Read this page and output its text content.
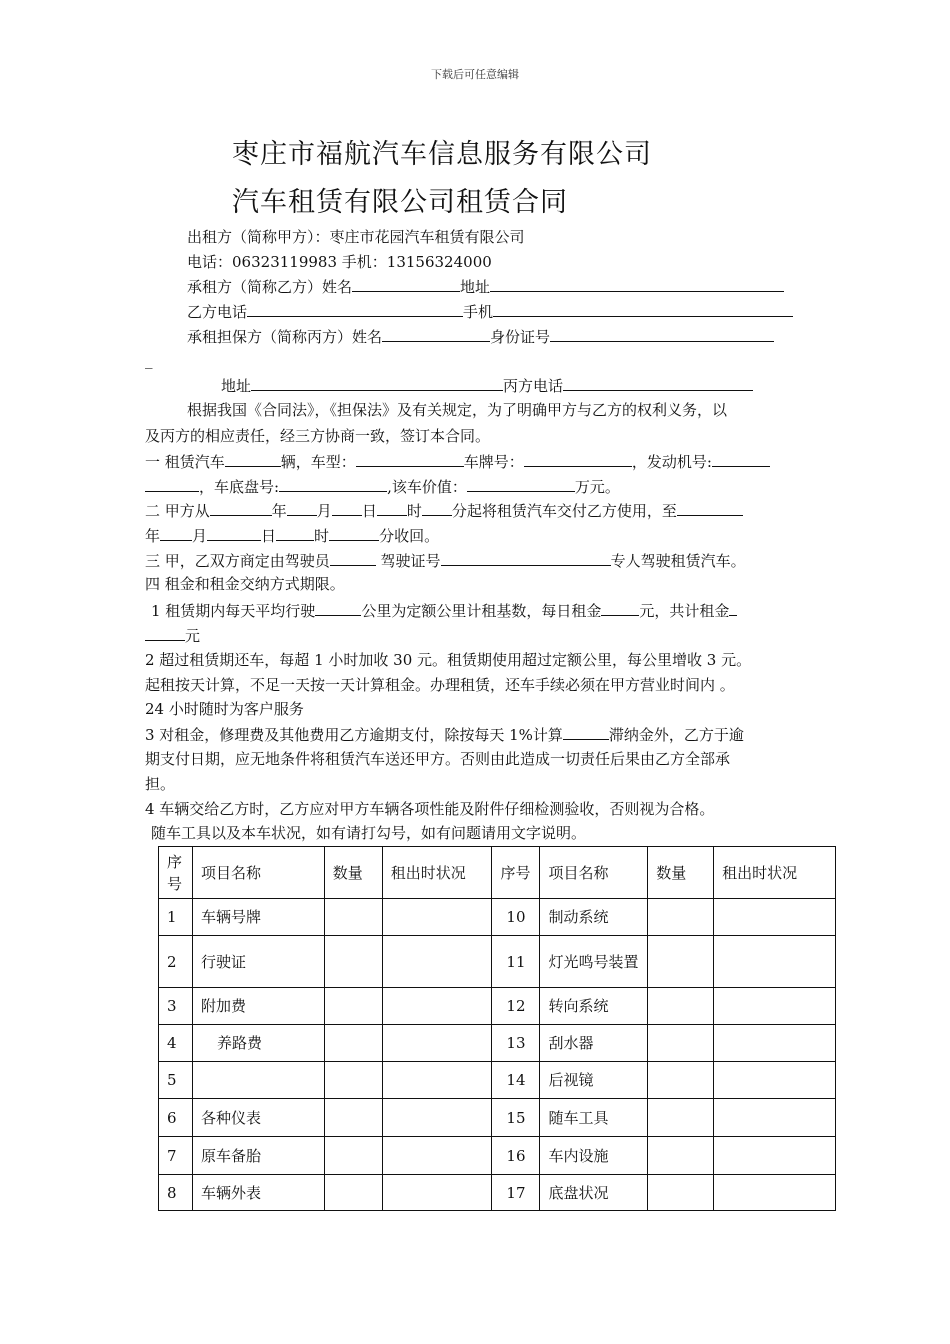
下载后可任意编辑
枣庄市福航汽车信息服务有限公司
汽车租赁有限公司租赁合同
出租方（简称甲方）：枣庄市花园汽车租赁有限公司
电话：06323119983 手机：13156324000
承租方（简称乙方）姓名	地址
乙方电话	手机
承租担保方（简称丙方）姓名	身份证号
_
地址	丙方电话
根据我国《合同法》，《担保法》及有关规定，为了明确甲方与乙方的权利义务，以
及丙方的相应责任，经三方协商一致，签订本合同。
一 租赁汽车	辆，车型：	车牌号：	，发动机号:
，车底盘号:	,该车价值：	万元。
二 甲方从	年 月 日 时 分起将租赁汽车交付乙方使用，至
年 月	日	时	分收回。
三 甲，乙双方商定由驾驶员	驾驶证号	专人驾驶租赁汽车。
四 租金和租金交纳方式期限。
1 租赁期内每天平均行驶	公里为定额公里计租基数，每日租金	元，共计租金
元
2 超过租赁期还车，每超 1 小时加收 30 元。租赁期使用超过定额公里，每公里增收 3 元。
起租按天计算，不足一天按一天计算租金。办理租赁，还车手续必须在甲方营业时间内 。
24 小时随时为客户服务
3 对租金，修理费及其他费用乙方逾期支付，除按每天 1%计算	滞纳金外，乙方于逾
期支付日期，应无地条件将租赁汽车送还甲方。否则由此造成一切责任后果由乙方全部承
担。
4 车辆交给乙方时，乙方应对甲方车辆各项性能及附件仔细检测验收，否则视为合格。
随车工具以及本车状况，如有请打勾号，如有问题请用文字说明。
序号	项目名称	数量	租出时状况	序号	项目名称	数量	租出时状况
1	车辆号牌			10	制动系统		
2	行驶证			11	灯光鸣号装置		
3	附加费			12	转向系统		
4	养路费			13	刮水器		
5				14	后视镜		
6	各种仪表			15	随车工具		
7	原车备胎			16	车内设施		
8	车辆外表			17	底盘状况		
